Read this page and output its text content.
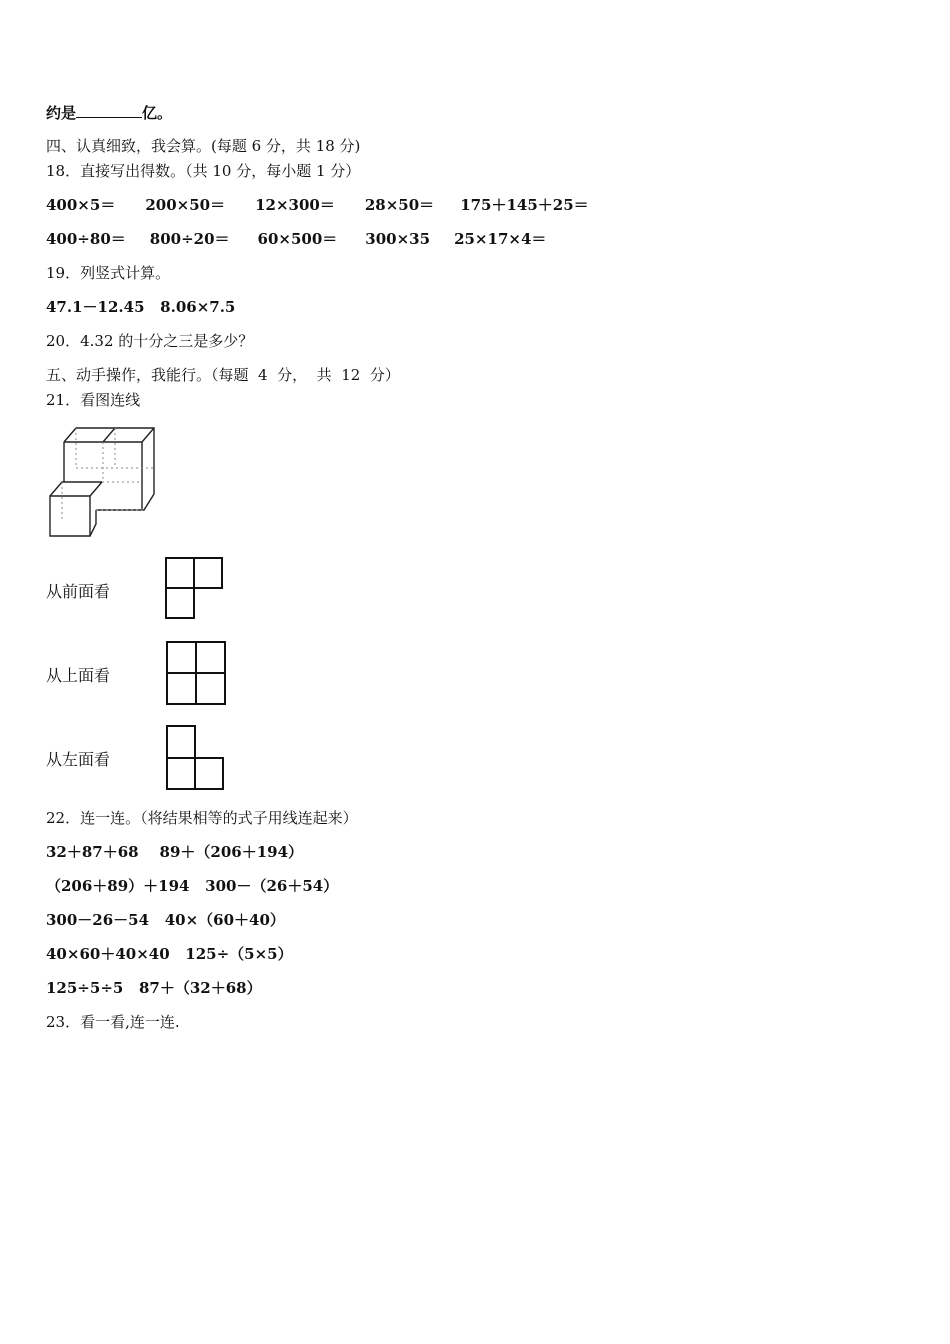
约是	亿。
四、认真细致，我会算。(每题 6 分，共 18 分)
18．直接写出得数。（共 10 分，每小题 1 分）
400×5＝ 200×50＝ 12×300＝ 28×50＝ 175＋145＋25＝
400÷80＝ 800÷20＝ 60×500＝ 300×35 25×17×4＝
19．列竖式计算。
47.1－12.45   8.06×7.5
20．4.32 的十分之三是多少？
五、动手操作，我能行。（每题  4  分，  共  12  分）
21．看图连线
从前面看
从上面看
从左面看
22．连一连。（将结果相等的式子用线连起来）
32＋87＋68    89＋（206＋194）
（206＋89）＋194   300－（26＋54）
300－26－54   40×（60＋40）
40×60＋40×40   125÷（5×5）
125÷5÷5   87＋（32＋68）
23．看一看,连一连.
